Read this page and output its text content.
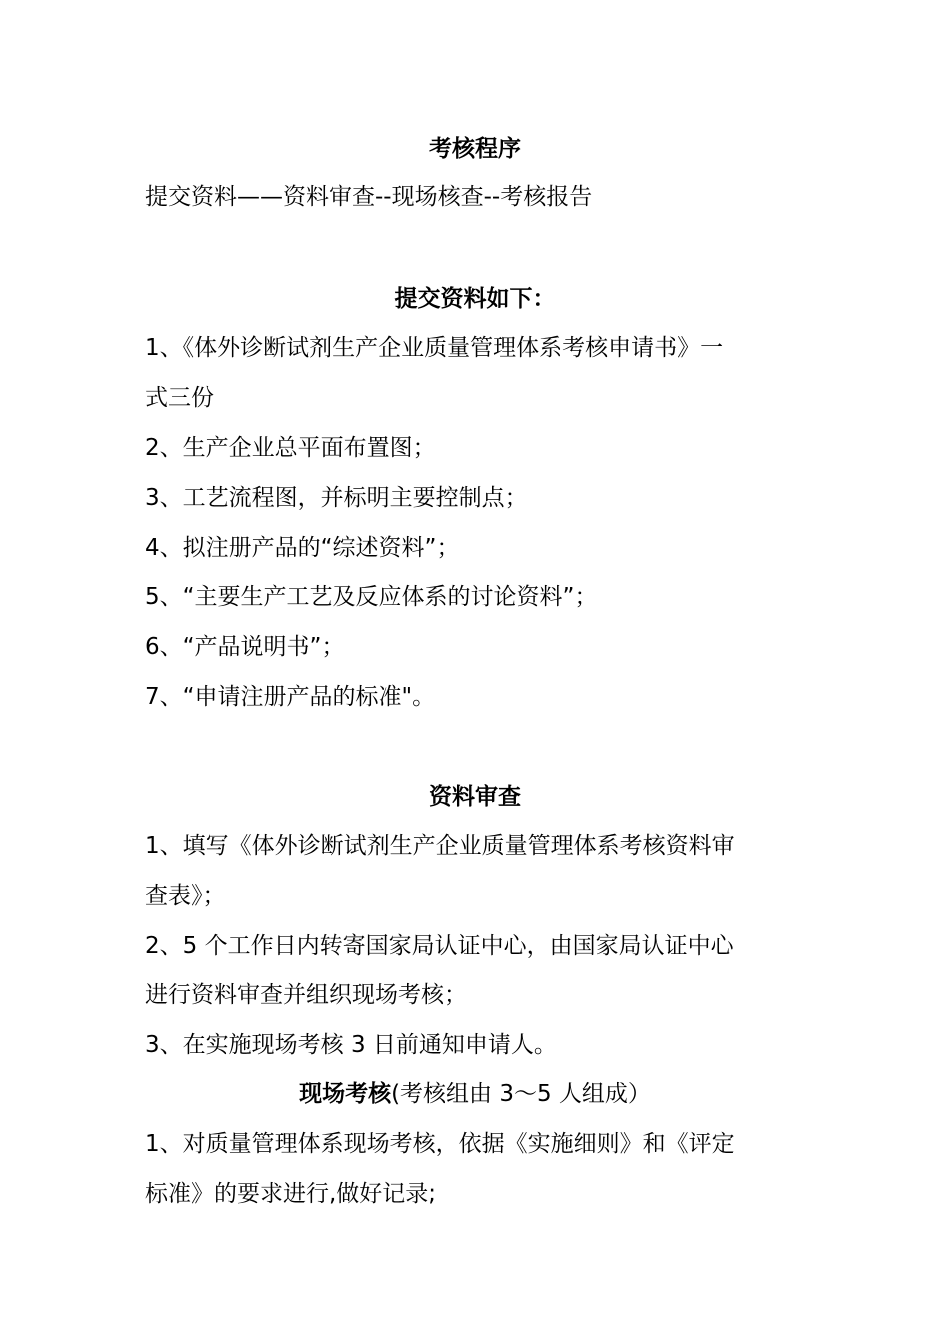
考核程序
提交资料——资料审查--现场核查--考核报告
提交资料如下：
1、《体外诊断试剂生产企业质量管理体系考核申请书》一
式三份
2、生产企业总平面布置图；
3、工艺流程图，并标明主要控制点；
4、拟注册产品的“综述资料”；
5、“主要生产工艺及反应体系的讨论资料”；
6、“产品说明书”；
7、“申请注册产品的标准"。
资料审查
1、填写《体外诊断试剂生产企业质量管理体系考核资料审
查表》；
2、5 个工作日内转寄国家局认证中心，由国家局认证中心
进行资料审查并组织现场考核；
3、在实施现场考核 3 日前通知申请人。
现场考核(考核组由 3～5 人组成）
1、对质量管理体系现场考核，依据《实施细则》和《评定
标准》的要求进行,做好记录;
